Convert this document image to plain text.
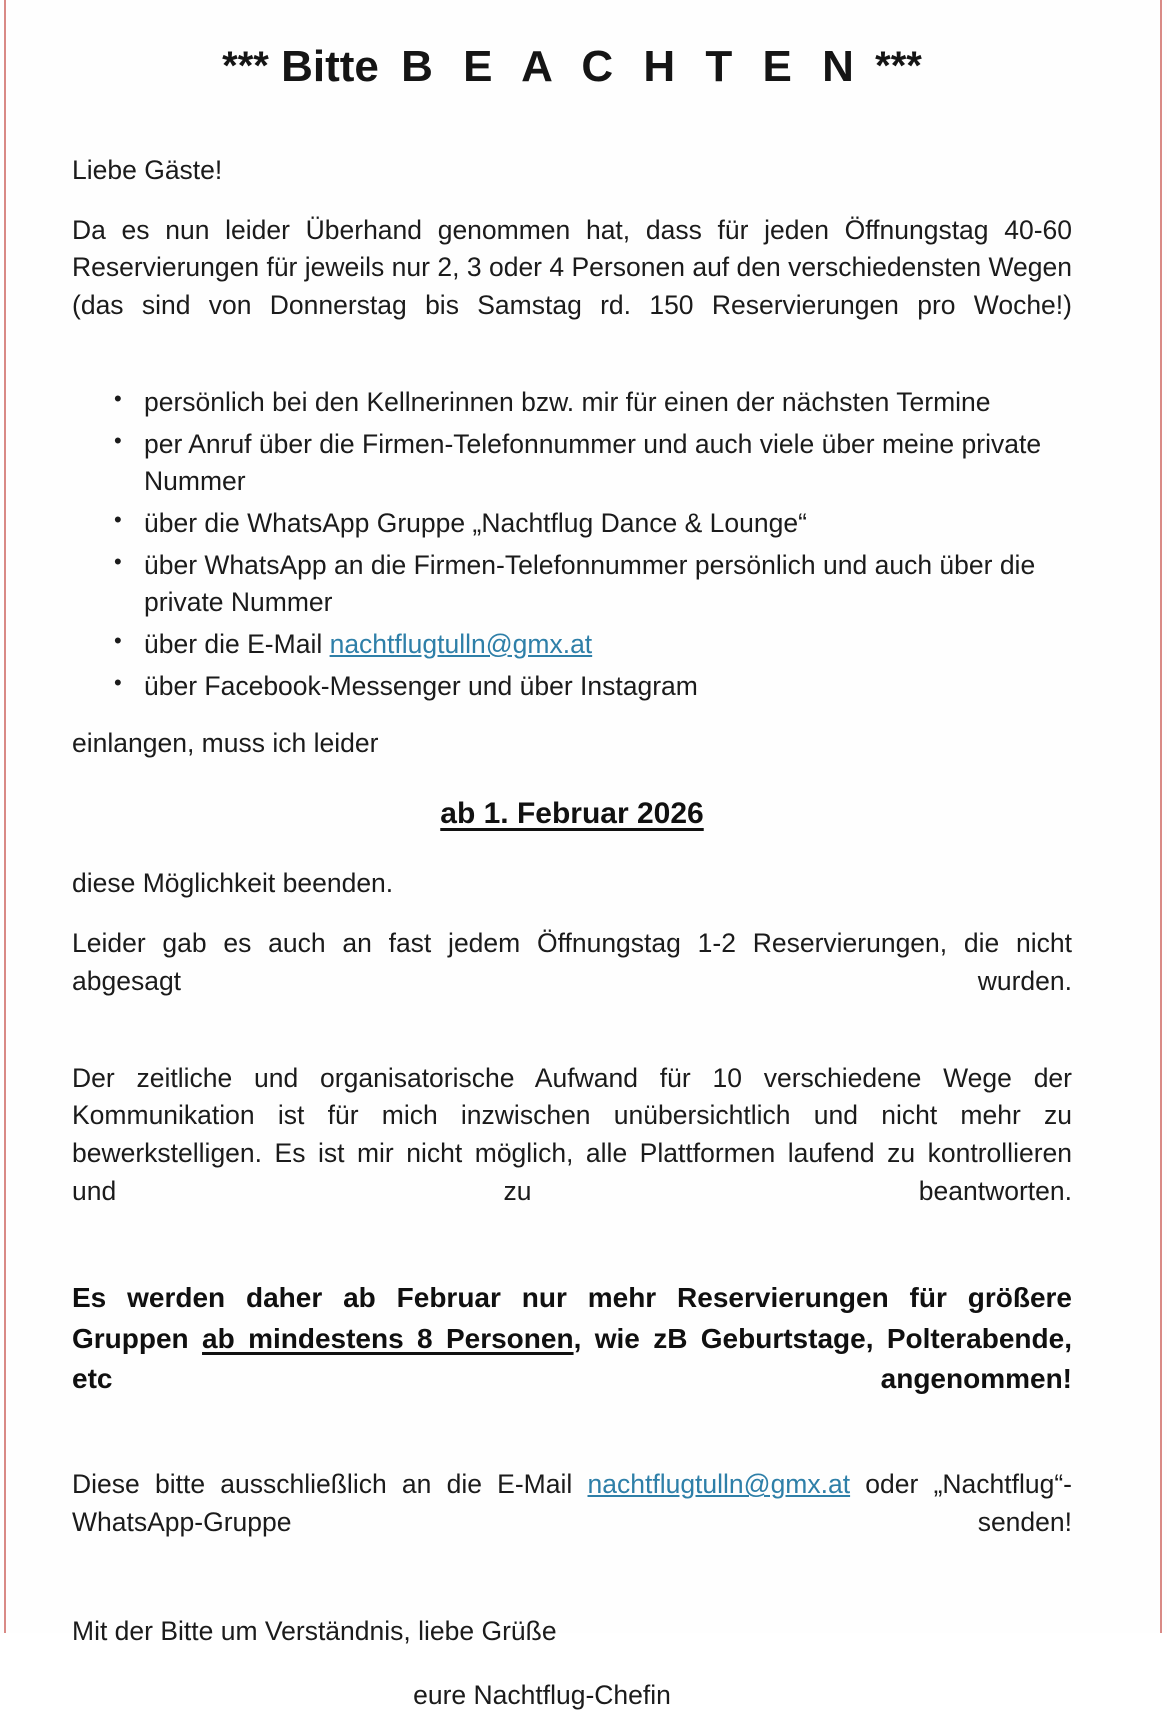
*** Bitte B E A C H T E N ***

Liebe Gäste!

Da es nun leider Überhand genommen hat, dass für jeden Öffnungstag 40-60 Reservierungen für jeweils nur 2, 3 oder 4 Personen auf den verschiedensten Wegen (das sind von Donnerstag bis Samstag rd. 150 Reservierungen pro Woche!)

• persönlich bei den Kellnerinnen bzw. mir für einen der nächsten Termine
• per Anruf über die Firmen-Telefonnummer und auch viele über meine private Nummer
• über die WhatsApp Gruppe „Nachtflug Dance & Lounge“
• über WhatsApp an die Firmen-Telefonnummer persönlich und auch über die private Nummer
• über die E-Mail nachtflugtulln@gmx.at
• über Facebook-Messenger und über Instagram

einlangen, muss ich leider

ab 1. Februar 2026

diese Möglichkeit beenden.

Leider gab es auch an fast jedem Öffnungstag 1-2 Reservierungen, die nicht abgesagt wurden.

Der zeitliche und organisatorische Aufwand für 10 verschiedene Wege der Kommunikation ist für mich inzwischen unübersichtlich und nicht mehr zu bewerkstelligen. Es ist mir nicht möglich, alle Plattformen laufend zu kontrollieren und zu beantworten.

Es werden daher ab Februar nur mehr Reservierungen für größere Gruppen ab mindestens 8 Personen, wie zB Geburtstage, Polterabende, etc angenommen!

Diese bitte ausschließlich an die E-Mail nachtflugtulln@gmx.at oder „Nachtflug“-WhatsApp-Gruppe senden!

Mit der Bitte um Verständnis, liebe Grüße

eure Nachtflug-Chefin
